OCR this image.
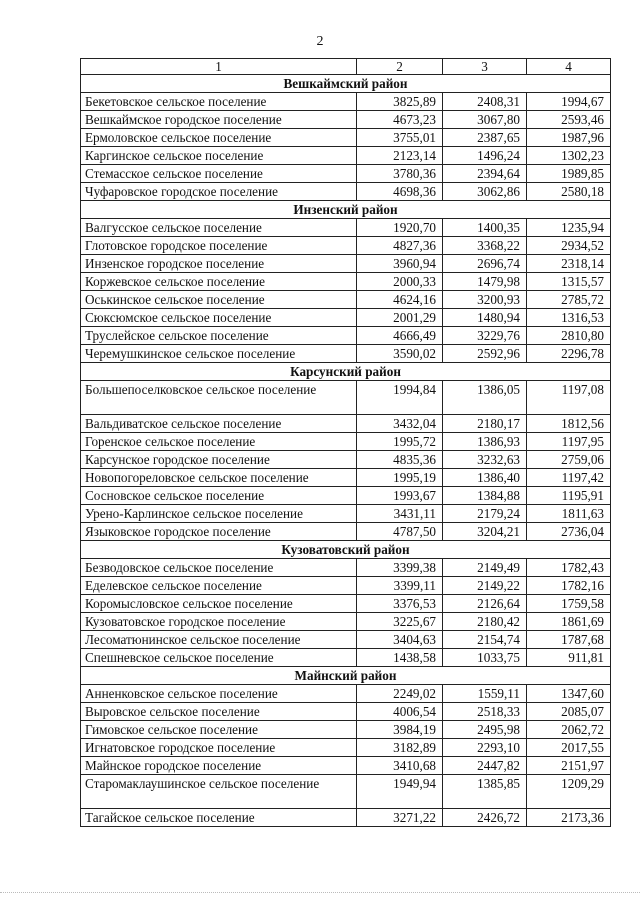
2
1	2	3	4
Вешкаймский район			
Бекетовское сельское поселение	3825,89	2408,31	1994,67
Вешкаймское городское поселение	4673,23	3067,80	2593,46
Ермоловское сельское поселение	3755,01	2387,65	1987,96
Каргинское сельское поселение	2123,14	1496,24	1302,23
Стемасское сельское поселение	3780,36	2394,64	1989,85
Чуфаровское городское поселение	4698,36	3062,86	2580,18
Инзенский район			
Валгусское сельское поселение	1920,70	1400,35	1235,94
Глотовское городское поселение	4827,36	3368,22	2934,52
Инзенское городское поселение	3960,94	2696,74	2318,14
Коржевское сельское поселение	2000,33	1479,98	1315,57
Оськинское сельское поселение	4624,16	3200,93	2785,72
Сюксюмское сельское поселение	2001,29	1480,94	1316,53
Труслейское сельское поселение	4666,49	3229,76	2810,80
Черемушкинское сельское поселение	3590,02	2592,96	2296,78
Карсунский район			
Большепоселковское сельское поселение	1994,84	1386,05	1197,08
Вальдиватское сельское поселение	3432,04	2180,17	1812,56
Горенское сельское поселение	1995,72	1386,93	1197,95
Карсунское городское поселение	4835,36	3232,63	2759,06
Новопогореловское сельское поселение	1995,19	1386,40	1197,42
Сосновское сельское поселение	1993,67	1384,88	1195,91
Урено-Карлинское сельское поселение	3431,11	2179,24	1811,63
Языковское городское поселение	4787,50	3204,21	2736,04
Кузоватовский район			
Безводовское сельское поселение	3399,38	2149,49	1782,43
Еделевское сельское поселение	3399,11	2149,22	1782,16
Коромысловское сельское поселение	3376,53	2126,64	1759,58
Кузоватовское городское поселение	3225,67	2180,42	1861,69
Лесоматюнинское сельское поселение	3404,63	2154,74	1787,68
Спешневское сельское поселение	1438,58	1033,75	911,81
Майнский район			
Анненковское сельское поселение	2249,02	1559,11	1347,60
Выровское сельское поселение	4006,54	2518,33	2085,07
Гимовское сельское поселение	3984,19	2495,98	2062,72
Игнатовское городское поселение	3182,89	2293,10	2017,55
Майнское городское поселение	3410,68	2447,82	2151,97
Старомаклаушинское сельское поселение	1949,94	1385,85	1209,29
Тагайское сельское поселение	3271,22	2426,72	2173,36
